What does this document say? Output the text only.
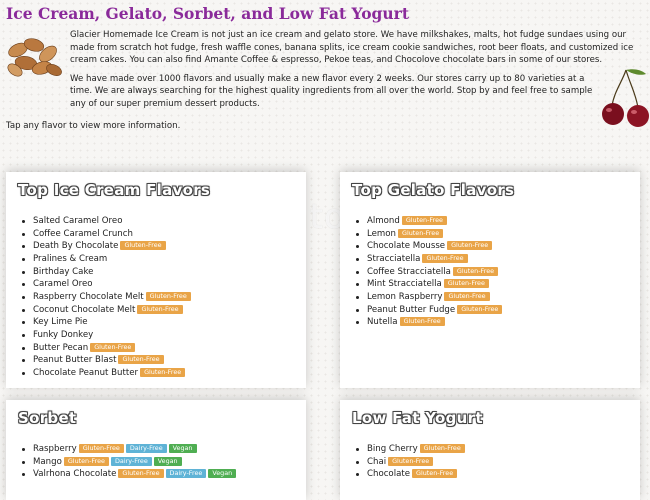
Ice Cream, Gelato, Sorbet, and Low Fat Yogurt

Glacier Homemade Ice Cream is not just an ice cream and gelato store. We have milkshakes, malts, hot fudge sundaes using our made from scratch hot fudge, fresh waffle cones, banana splits, ice cream cookie sandwiches, root beer floats, and customized ice cream cakes. You can also find Amante Coffee & espresso, Pekoe teas, and Chocolove chocolate bars in some of our stores.

We have made over 1000 flavors and usually make a new flavor every 2 weeks. Our stores carry up to 80 varieties at a time. We are always searching for the highest quality ingredients from all over the world. Stop by and feel free to sample any of our super premium dessert products.

Tap any flavor to view more information.

Top Ice Cream Flavors
Salted Caramel Oreo
Coffee Caramel Crunch
Death By Chocolate Gluten-Free
Pralines & Cream
Birthday Cake
Caramel Oreo
Raspberry Chocolate Melt Gluten-Free
Coconut Chocolate Melt Gluten-Free
Key Lime Pie
Funky Donkey
Butter Pecan Gluten-Free
Peanut Butter Blast Gluten-Free
Chocolate Peanut Butter Gluten-Free
Top Gelato Flavors
Almond Gluten-Free
Lemon Gluten-Free
Chocolate Mousse Gluten-Free
Stracciatella Gluten-Free
Coffee Stracciatella Gluten-Free
Mint Stracciatella Gluten-Free
Lemon Raspberry Gluten-Free
Peanut Butter Fudge Gluten-Free
Nutella Gluten-Free
Sorbet
Raspberry Gluten-Free Dairy-Free Vegan
Mango Gluten-Free Dairy-Free Vegan
Valrhona Chocolate Gluten-Free Dairy-Free Vegan
Low Fat Yogurt
Bing Cherry Gluten-Free
Chai Gluten-Free
Chocolate Gluten-Free
